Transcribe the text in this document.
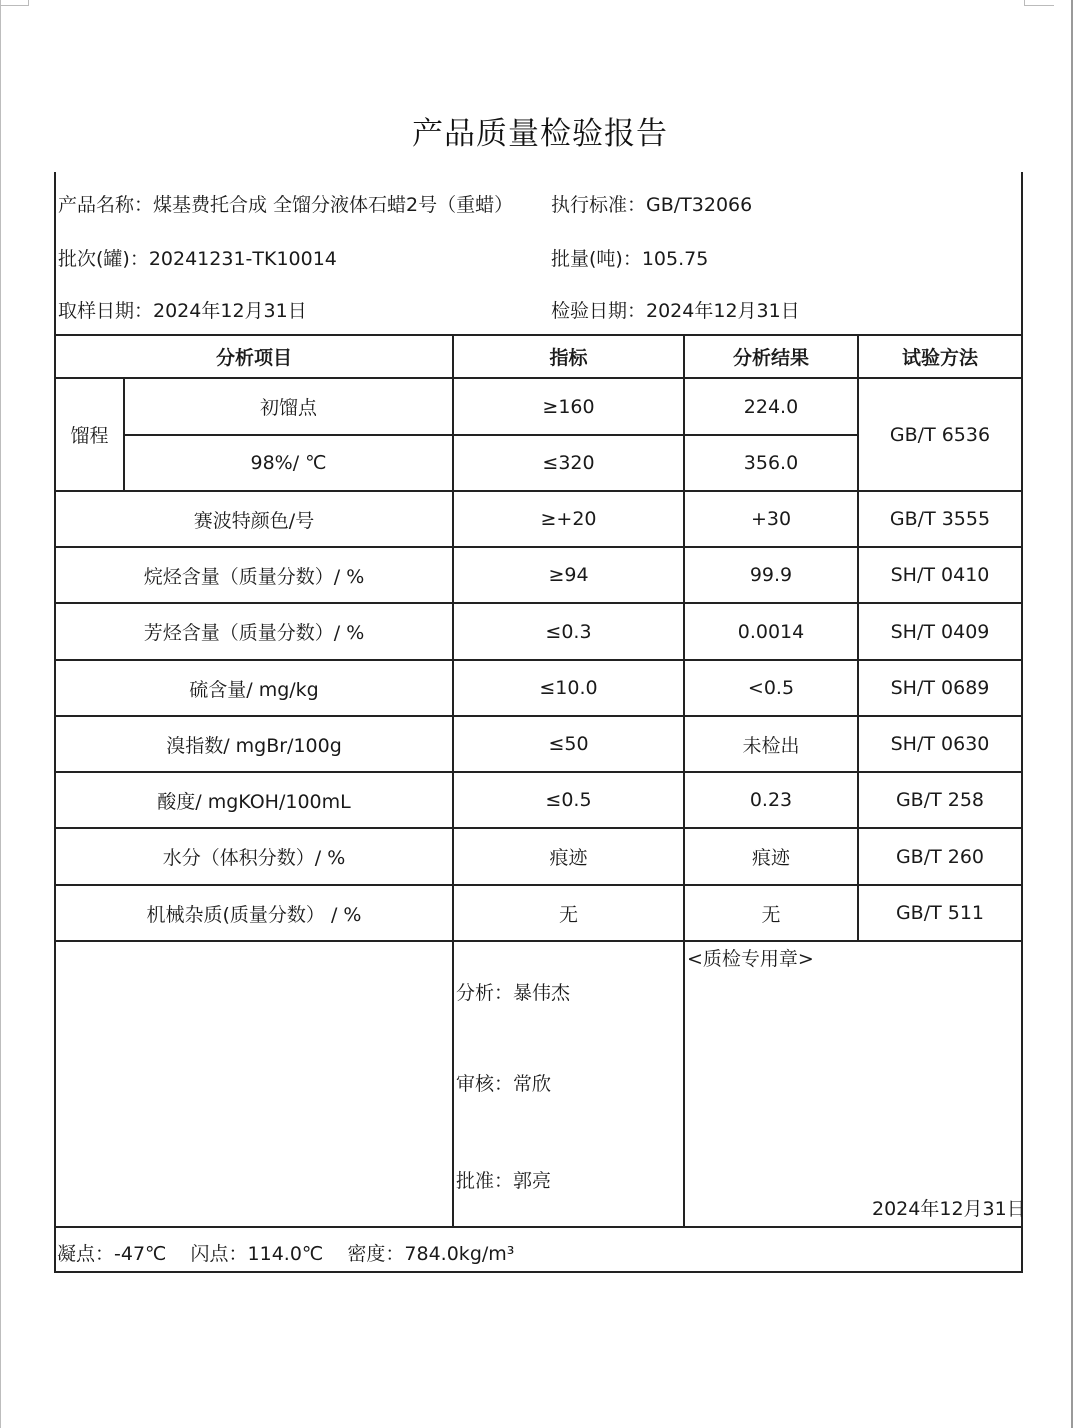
产品质量检验报告
产品名称：煤基费托合成 全馏分液体石蜡2号（重蜡） 执行标准：GB/T32066
批次(罐)：20241231-TK10014	批量(吨)：105.75
取样日期：2024年12月31日	检验日期：2024年12月31日
分析项目	指标	分析结果	试验方法
馏程
初馏点	≥160	224.0
98%/ ℃	≤320	356.0
GB/T 6536
赛波特颜色/号	≥+20	+30	GB/T 3555
烷烃含量（质量分数）/ %	≥94	99.9	SH/T 0410
芳烃含量（质量分数）/ %	≤0.3	0.0014	SH/T 0409
硫含量/ mg/kg	≤10.0	<0.5	SH/T 0689
溴指数/ mgBr/100g	≤50	未检出	SH/T 0630
酸度/ mgKOH/100mL	≤0.5	0.23	GB/T 258
水分（体积分数）/ %	痕迹	痕迹	GB/T 260
机械杂质(质量分数） / %	无	无	GB/T 511
分析：暴伟杰
审核：常欣
批准：郭亮
<质检专用章>
2024年12月31日
凝点：-47℃    闪点：114.0℃    密度：784.0kg/m³
